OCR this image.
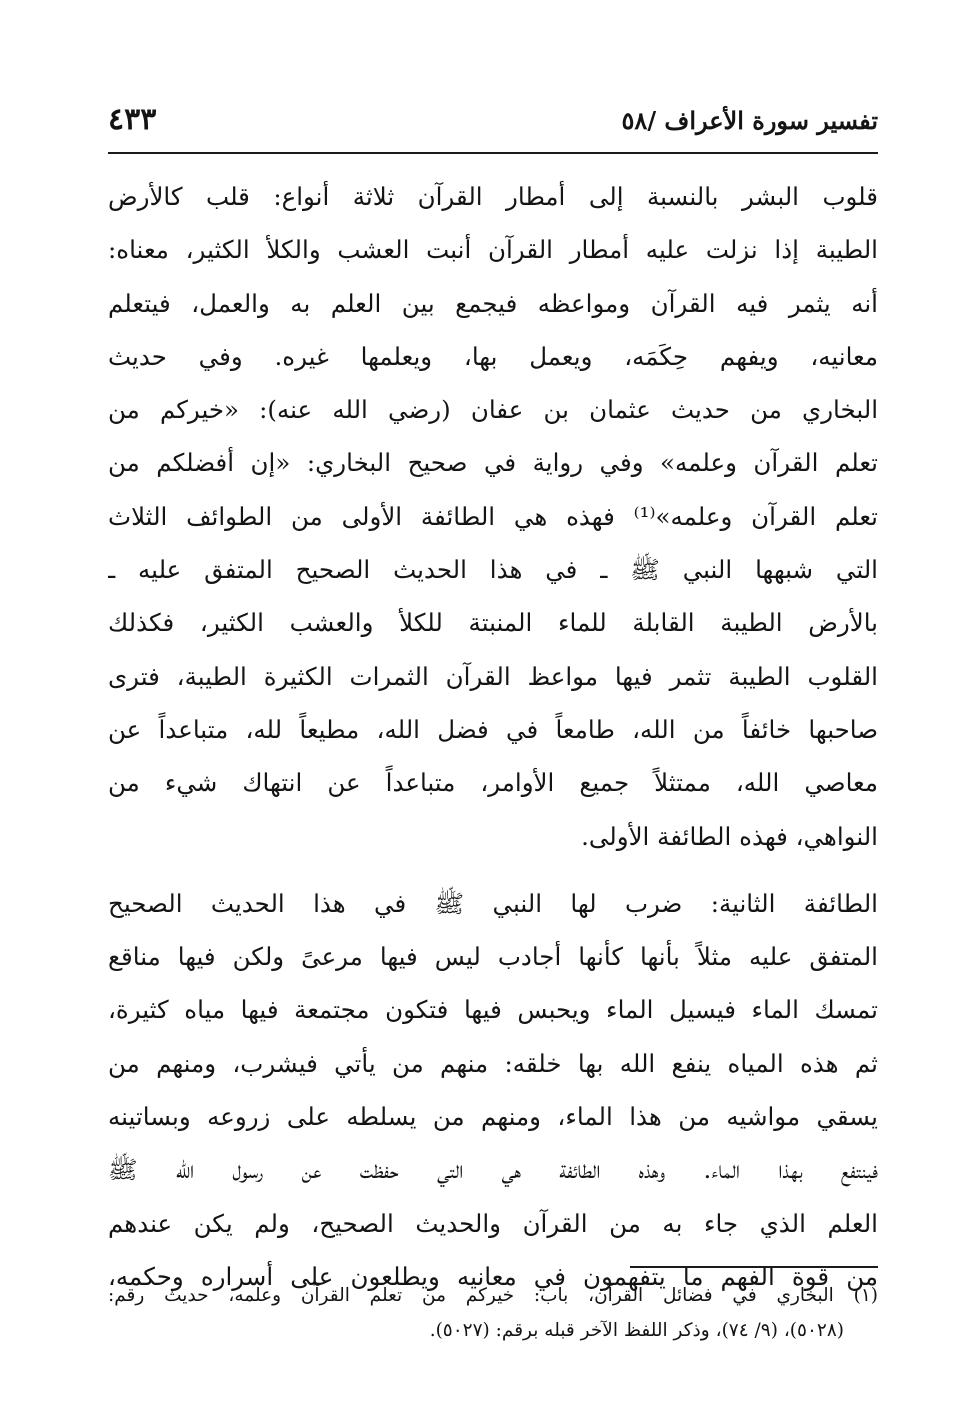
تفسير سورة الأعراف /٥٨
٤٣٣
قلوب البشر بالنسبة إلى أمطار القرآن ثلاثة أنواع: قلب كالأرض
الطيبة إذا نزلت عليه أمطار القرآن أنبت العشب والكلأ الكثير، معناه:
أنه يثمر فيه القرآن ومواعظه فيجمع بين العلم به والعمل، فيتعلم
معانيه، ويفهم حِكَمَه، ويعمل بها، ويعلمها غيره. وفي حديث
البخاري من حديث عثمان بن عفان (رضي الله عنه): «خيركم من
تعلم القرآن وعلمه» وفي رواية في صحيح البخاري: «إن أفضلكم من
تعلم القرآن وعلمه»⁽¹⁾ فهذه هي الطائفة الأولى من الطوائف الثلاث
التي شبهها النبي ﷺ ـ في هذا الحديث الصحيح المتفق عليه ـ
بالأرض الطيبة القابلة للماء المنبتة للكلأ والعشب الكثير، فكذلك
القلوب الطيبة تثمر فيها مواعظ القرآن الثمرات الكثيرة الطيبة، فترى
صاحبها خائفاً من الله، طامعاً في فضل الله، مطيعاً لله، متباعداً عن
معاصي الله، ممتثلاً جميع الأوامر، متباعداً عن انتهاك شيء من
النواهي، فهذه الطائفة الأولى.
الطائفة الثانية: ضرب لها النبي ﷺ في هذا الحديث الصحيح
المتفق عليه مثلاً بأنها كأنها أجادب ليس فيها مرعىً ولكن فيها مناقع
تمسك الماء فيسيل الماء ويحبس فيها فتكون مجتمعة فيها مياه كثيرة،
ثم هذه المياه ينفع الله بها خلقه: منهم من يأتي فيشرب، ومنهم من
يسقي مواشيه من هذا الماء، ومنهم من يسلطه على زروعه وبساتينه
فينتفع بهذا الماء. وهذه الطائفة هي التي حفظت عن رسول الله ﷺ
العلم الذي جاء به من القرآن والحديث الصحيح، ولم يكن عندهم
من قوة الفهم ما يتفهمون في معانيه ويطلعون على أسراره وحكمه،
(١) البخاري في فضائل القرآن، باب: خيركم من تعلم القرآن وعلمه، حديث رقم:
(٥٠٢٨)، (٩/ ٧٤)، وذكر اللفظ الآخر قبله برقم: (٥٠٢٧).
